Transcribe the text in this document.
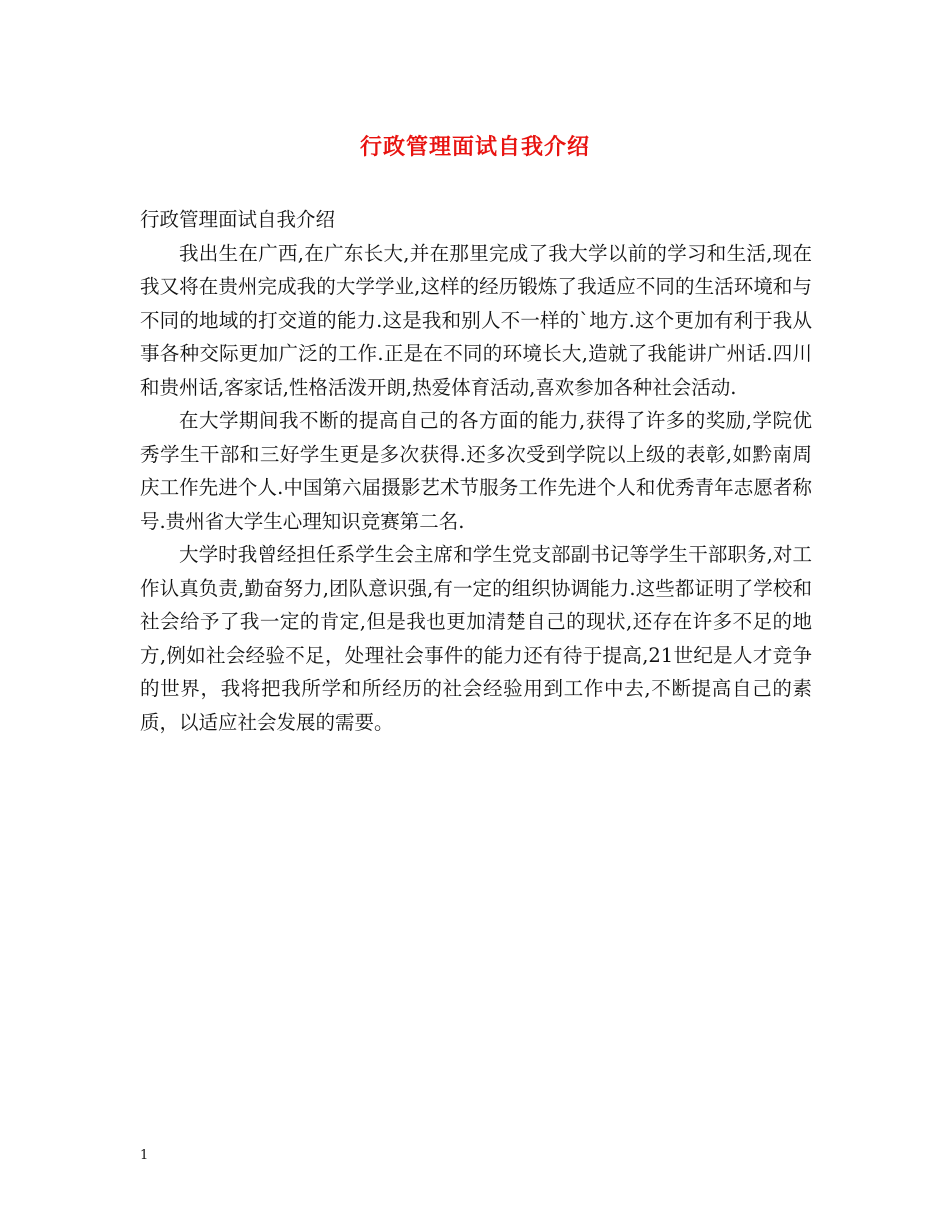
行政管理面试自我介绍

行政管理面试自我介绍

我出生在广西,在广东长大,并在那里完成了我大学以前的学习和生活,现在我又将在贵州完成我的大学学业,这样的经历锻炼了我适应不同的生活环境和与不同的地域的打交道的能力.这是我和别人不一样的`地方.这个更加有利于我从事各种交际更加广泛的工作.正是在不同的环境长大,造就了我能讲广州话.四川和贵州话,客家话,性格活泼开朗,热爱体育活动,喜欢参加各种社会活动.

在大学期间我不断的提高自己的各方面的能力,获得了许多的奖励,学院优秀学生干部和三好学生更是多次获得.还多次受到学院以上级的表彰,如黔南周庆工作先进个人.中国第六届摄影艺术节服务工作先进个人和优秀青年志愿者称号.贵州省大学生心理知识竞赛第二名.

大学时我曾经担任系学生会主席和学生党支部副书记等学生干部职务,对工作认真负责,勤奋努力,团队意识强,有一定的组织协调能力.这些都证明了学校和社会给予了我一定的肯定,但是我也更加清楚自己的现状,还存在许多不足的地方,例如社会经验不足，处理社会事件的能力还有待于提高,21世纪是人才竞争的世界，我将把我所学和所经历的社会经验用到工作中去,不断提高自己的素质，以适应社会发展的需要。

1
